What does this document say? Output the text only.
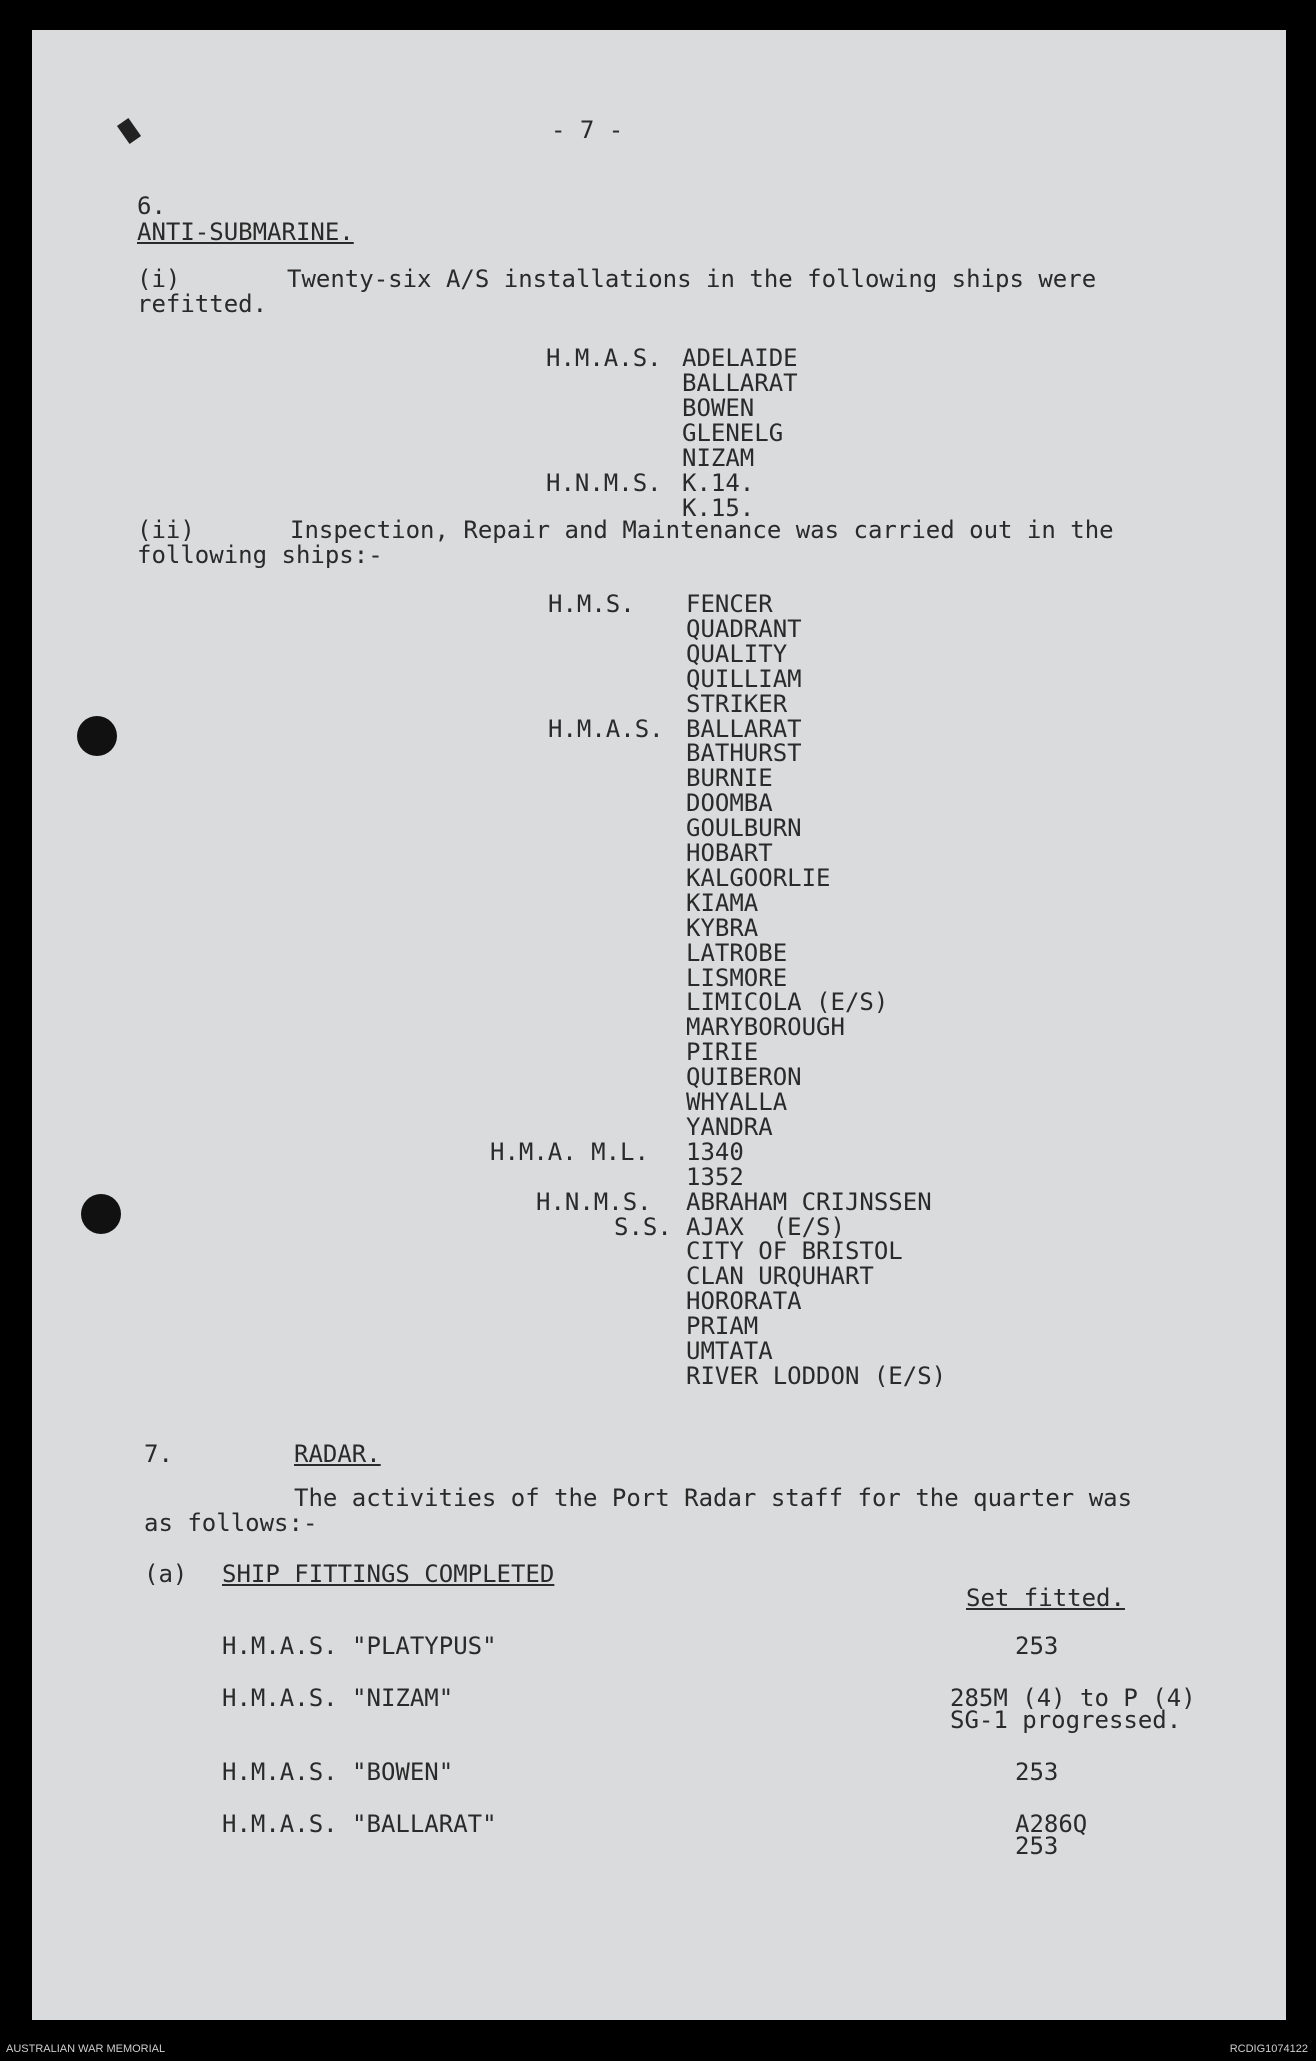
- 7 -
6.
ANTI-SUBMARINE.
(i)	Twenty-six A/S installations in the following ships were
refitted.
H.M.A.S. ADELAIDE
BALLARAT
BOWEN
GLENELG
NIZAM
H.N.M.S. K.14.
K.15.
(ii)	Inspection, Repair and Maintenance was carried out in the
following ships:-
H.M.S. FENCER
QUADRANT
QUALITY
QUILLIAM
STRIKER
H.M.A.S. BALLARAT
BATHURST
BURNIE
DOOMBA
GOULBURN
HOBART
KALGOORLIE
KIAMA
KYBRA
LATROBE
LISMORE
LIMICOLA (E/S)
MARYBOROUGH
PIRIE
QUIBERON
WHYALLA
YANDRA
H.M.A. M.L. 1340
1352
H.N.M.S. ABRAHAM CRIJNSSEN
S.S. AJAX  (E/S)
CITY OF BRISTOL
CLAN URQUHART
HORORATA
PRIAM
UMTATA
RIVER LODDON (E/S)
7.	RADAR.
The activities of the Port Radar staff for the quarter was
as follows:-
(a) SHIP FITTINGS COMPLETED
Set fitted.
H.M.A.S. "PLATYPUS"	253
H.M.A.S. "NIZAM"	285M (4) to P (4)
SG-1 progressed.
H.M.A.S. "BOWEN"	253
H.M.A.S. "BALLARAT"	A286Q
253
AUSTRALIAN WAR MEMORIAL	RCDIG1074122
